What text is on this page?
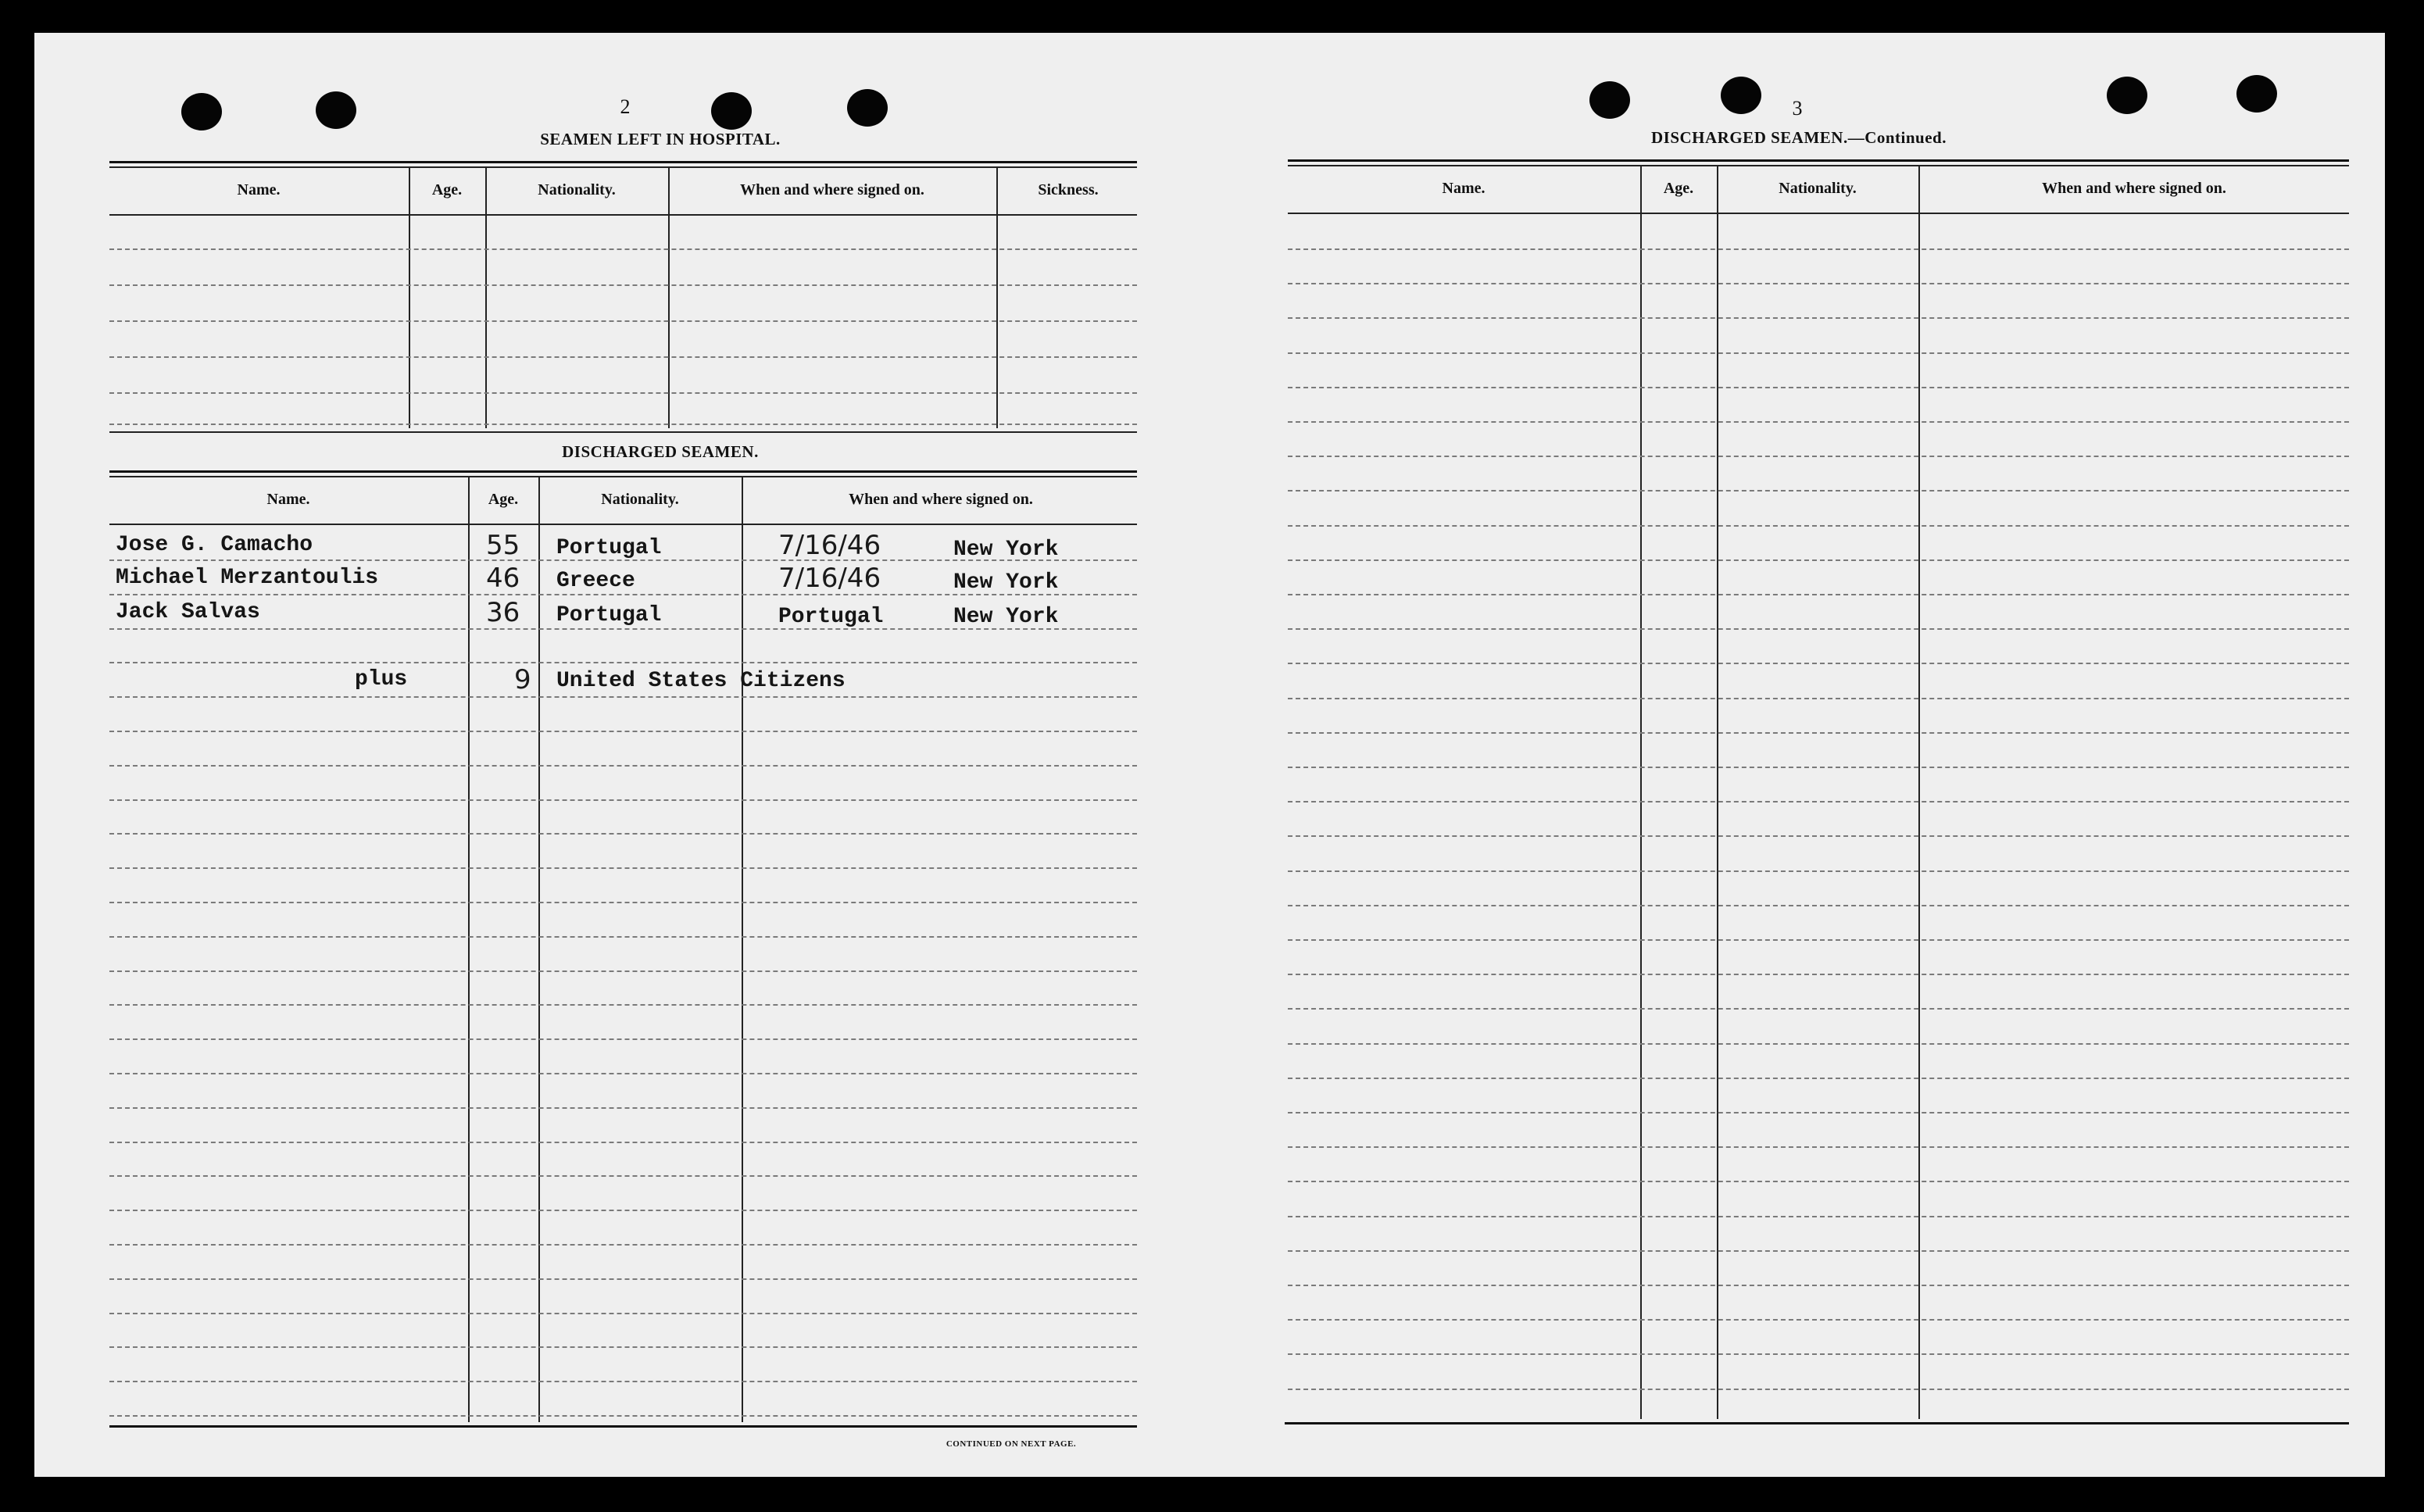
2
SEAMEN LEFT IN HOSPITAL.
Name.	Age.	Nationality.	When and where signed on.	Sickness.
DISCHARGED SEAMEN.
Name.	Age.	Nationality.	When and where signed on.
Jose G. Camacho	55 Portugal	7/16/46	New York
Michael Merzantoulis	46 Greece	7/16/46	New York
Jack Salvas	36 Portugal	Portugal	New York
plus	9 United States Citizens
CONTINUED ON NEXT PAGE.
3
DISCHARGED SEAMEN.—Continued.
Name.	Age.	Nationality.	When and where signed on.
